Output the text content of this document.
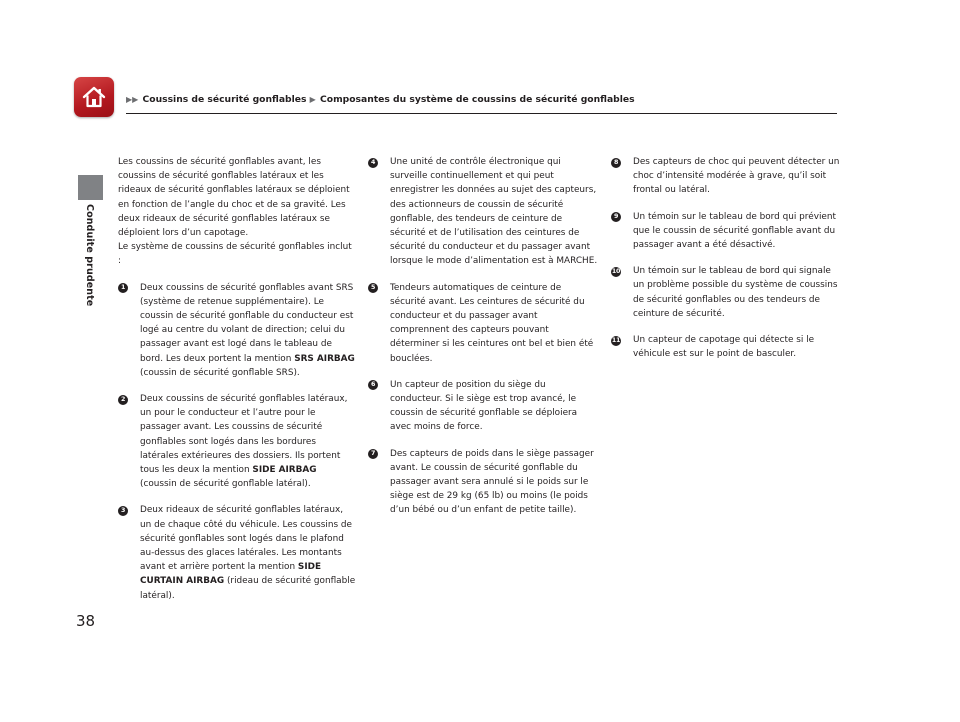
▶▶ Coussins de sécurité gonflables ▶ Composantes du système de coussins de sécurité gonflables
Conduite prudente
38

Les coussins de sécurité gonflables avant, les coussins de sécurité gonflables latéraux et les rideaux de sécurité gonflables latéraux se déploient en fonction de l’angle du choc et de sa gravité. Les deux rideaux de sécurité gonflables latéraux se déploient lors d’un capotage.

Le système de coussins de sécurité gonflables inclut :

1	Deux coussins de sécurité gonflables avant SRS (système de retenue supplémentaire). Le coussin de sécurité gonflable du conducteur est logé au centre du volant de direction; celui du passager avant est logé dans le tableau de bord. Les deux portent la mention SRS AIRBAG (coussin de sécurité gonflable SRS).
2	Deux coussins de sécurité gonflables latéraux, un pour le conducteur et l’autre pour le passager avant. Les coussins de sécurité gonflables sont logés dans les bordures latérales extérieures des dossiers. Ils portent tous les deux la mention SIDE AIRBAG (coussin de sécurité gonflable latéral).
3	Deux rideaux de sécurité gonflables latéraux, un de chaque côté du véhicule. Les coussins de sécurité gonflables sont logés dans le plafond au-dessus des glaces latérales. Les montants avant et arrière portent la mention SIDE CURTAIN AIRBAG (rideau de sécurité gonflable latéral).
4	Une unité de contrôle électronique qui surveille continuellement et qui peut enregistrer les données au sujet des capteurs, des actionneurs de coussin de sécurité gonflable, des tendeurs de ceinture de sécurité et de l’utilisation des ceintures de sécurité du conducteur et du passager avant lorsque le mode d’alimentation est à MARCHE.
5	Tendeurs automatiques de ceinture de sécurité avant. Les ceintures de sécurité du conducteur et du passager avant comprennent des capteurs pouvant déterminer si les ceintures ont bel et bien été bouclées.
6	Un capteur de position du siège du conducteur. Si le siège est trop avancé, le coussin de sécurité gonflable se déploiera avec moins de force.
7	Des capteurs de poids dans le siège passager avant. Le coussin de sécurité gonflable du passager avant sera annulé si le poids sur le siège est de 29 kg (65 lb) ou moins (le poids d’un bébé ou d’un enfant de petite taille).
8	Des capteurs de choc qui peuvent détecter un choc d’intensité modérée à grave, qu’il soit frontal ou latéral.
9	Un témoin sur le tableau de bord qui prévient que le coussin de sécurité gonflable avant du passager avant a été désactivé.
10 Un témoin sur le tableau de bord qui signale un problème possible du système de coussins de sécurité gonflables ou des tendeurs de ceinture de sécurité.
11 Un capteur de capotage qui détecte si le véhicule est sur le point de basculer.
